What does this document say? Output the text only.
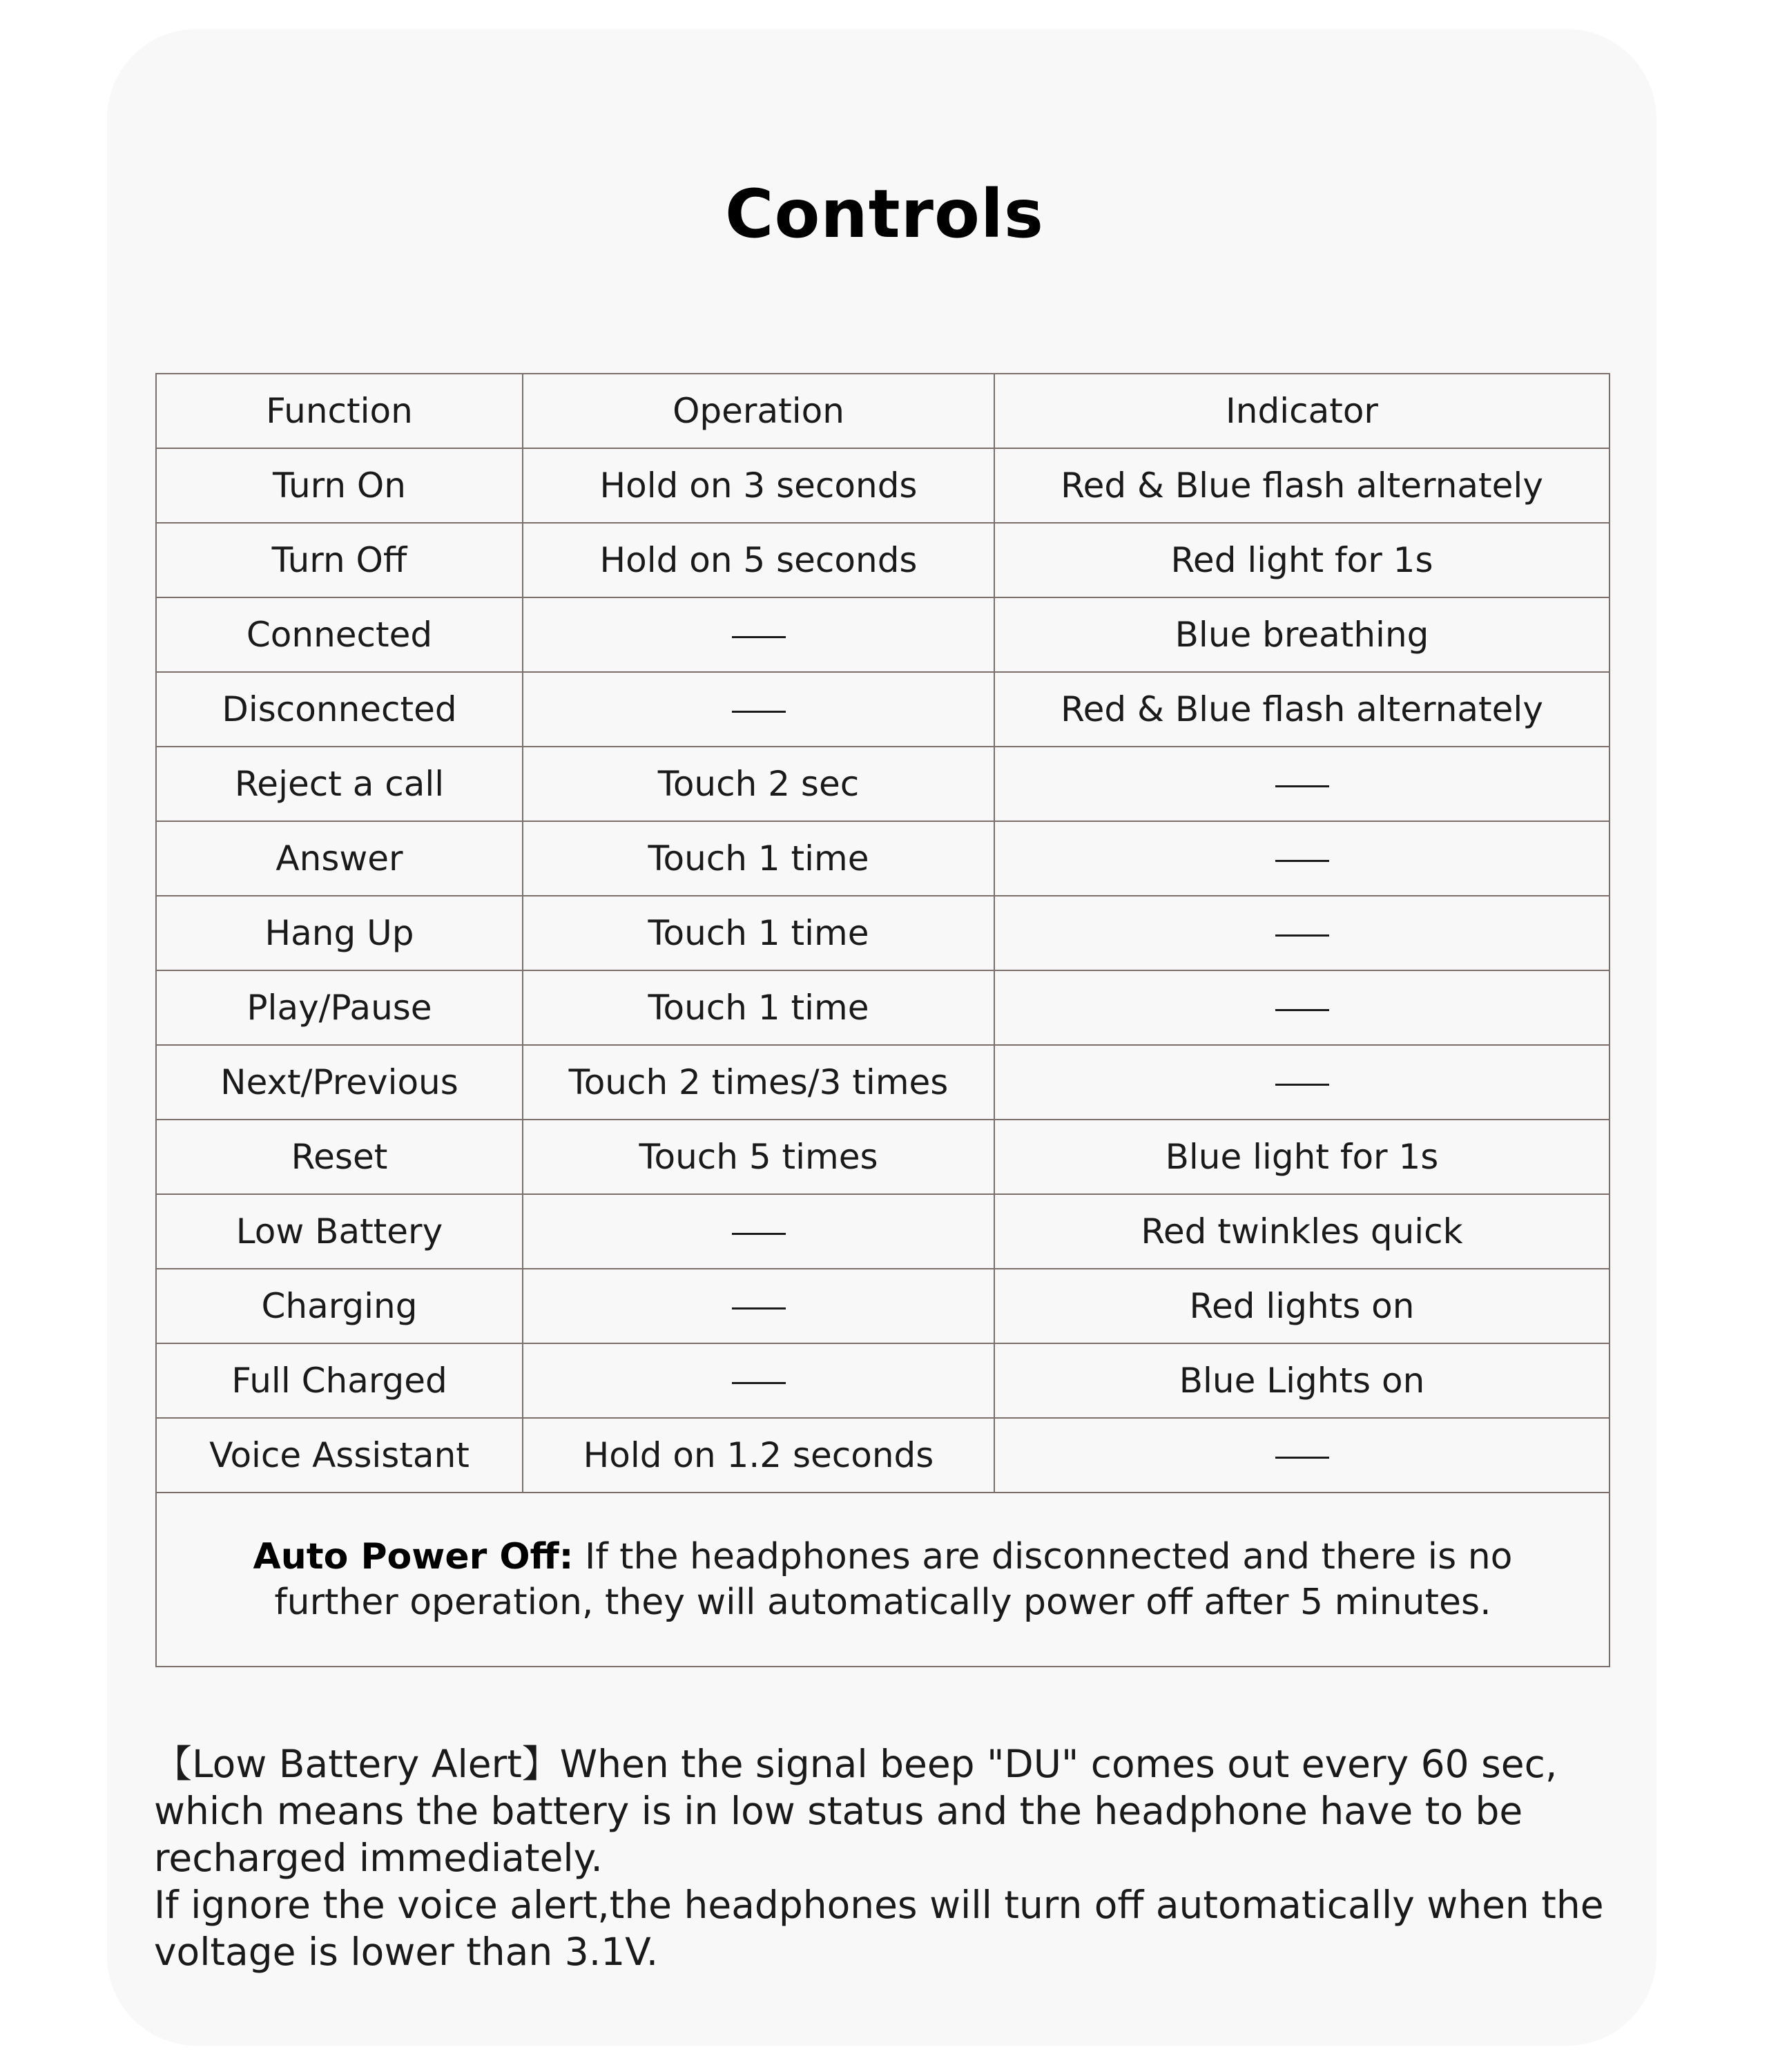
Controls
Function	Operation	Indicator
Turn On	Hold on 3 seconds	Red & Blue flash alternately
Turn Off	Hold on 5 seconds	Red light for 1s
Connected		Blue breathing
Disconnected		Red & Blue flash alternately
Reject a call	Touch 2 sec	
Answer	Touch 1 time	
Hang Up	Touch 1 time	
Play/Pause	Touch 1 time	
Next/Previous	Touch 2 times/3 times	
Reset	Touch 5 times	Blue light for 1s
Low Battery		Red twinkles quick
Charging		Red lights on
Full Charged		Blue Lights on
Voice Assistant	Hold on 1.2 seconds	
Auto Power Off: If the headphones are disconnected and there is no further operation, they will automatically power off after 5 minutes.		

【Low Battery Alert】When the signal beep "DU" comes out every 60 sec, which means the battery is in low status and the headphone have to be recharged immediately.

If ignore the voice alert,the headphones will turn off automatically when the voltage is lower than 3.1V.
